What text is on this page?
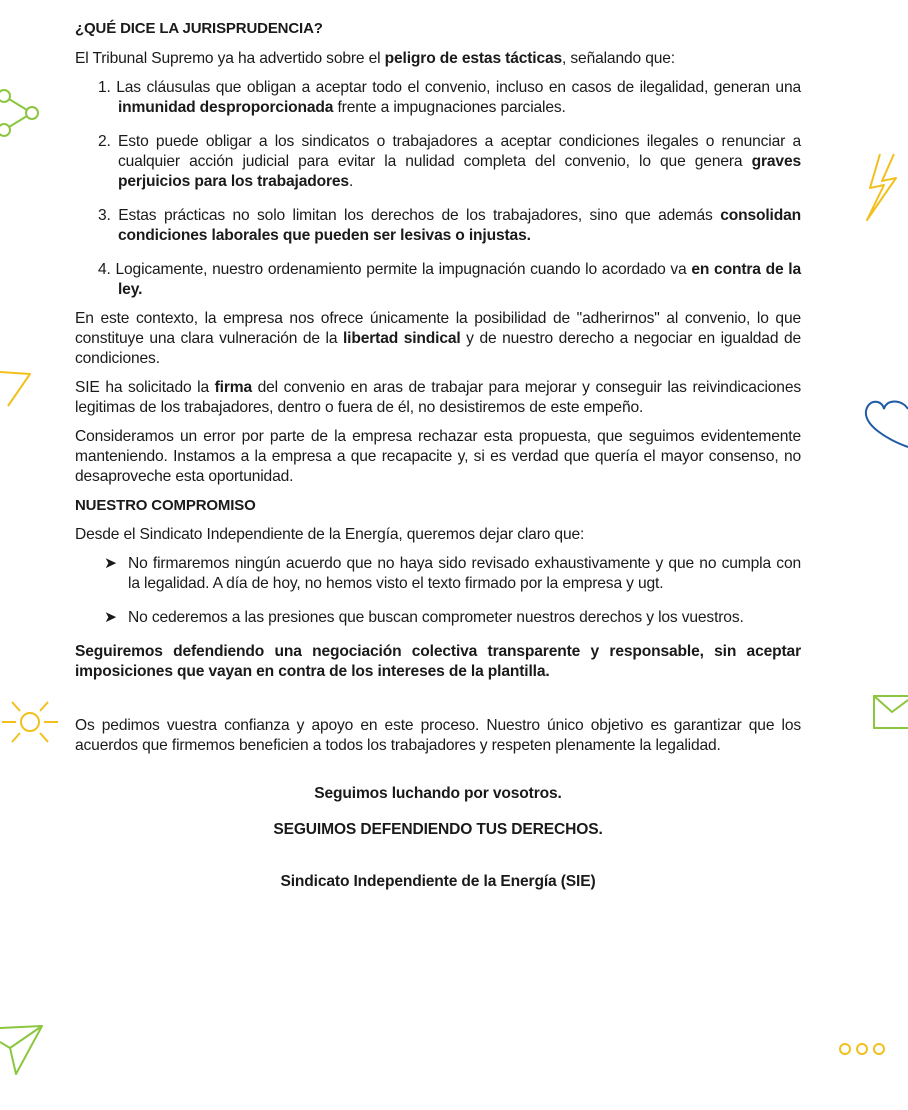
¿QUÉ DICE LA JURISPRUDENCIA?

El Tribunal Supremo ya ha advertido sobre el peligro de estas tácticas, señalando que:

1. Las cláusulas que obligan a aceptar todo el convenio, incluso en casos de ilegalidad, generan una inmunidad desproporcionada frente a impugnaciones parciales.
2. Esto puede obligar a los sindicatos o trabajadores a aceptar condiciones ilegales o renunciar a cualquier acción judicial para evitar la nulidad completa del convenio, lo que genera graves perjuicios para los trabajadores.
3. Estas prácticas no solo limitan los derechos de los trabajadores, sino que además consolidan condiciones laborales que pueden ser lesivas o injustas.
4. Logicamente, nuestro ordenamiento permite la impugnación cuando lo acordado va en contra de la ley.

En este contexto, la empresa nos ofrece únicamente la posibilidad de "adherirnos" al convenio, lo que constituye una clara vulneración de la libertad sindical y de nuestro derecho a negociar en igualdad de condiciones.

SIE ha solicitado la firma del convenio en aras de trabajar para mejorar y conseguir las reivindicaciones legitimas de los trabajadores, dentro o fuera de él, no desistiremos de este empeño.

Consideramos un error por parte de la empresa rechazar esta propuesta, que seguimos evidentemente manteniendo. Instamos a la empresa a que recapacite y, si es verdad que quería el mayor consenso, no desaproveche esta oportunidad.

NUESTRO COMPROMISO

Desde el Sindicato Independiente de la Energía, queremos dejar claro que:

➤ No firmaremos ningún acuerdo que no haya sido revisado exhaustivamente y que no cumpla con la legalidad. A día de hoy, no hemos visto el texto firmado por la empresa y ugt.
➤ No cederemos a las presiones que buscan comprometer nuestros derechos y los vuestros.

Seguiremos defendiendo una negociación colectiva transparente y responsable, sin aceptar imposiciones que vayan en contra de los intereses de la plantilla.

Os pedimos vuestra confianza y apoyo en este proceso. Nuestro único objetivo es garantizar que los acuerdos que firmemos beneficien a todos los trabajadores y respeten plenamente la legalidad.

Seguimos luchando por vosotros.

SEGUIMOS DEFENDIENDO TUS DERECHOS.

Sindicato Independiente de la Energía (SIE)
